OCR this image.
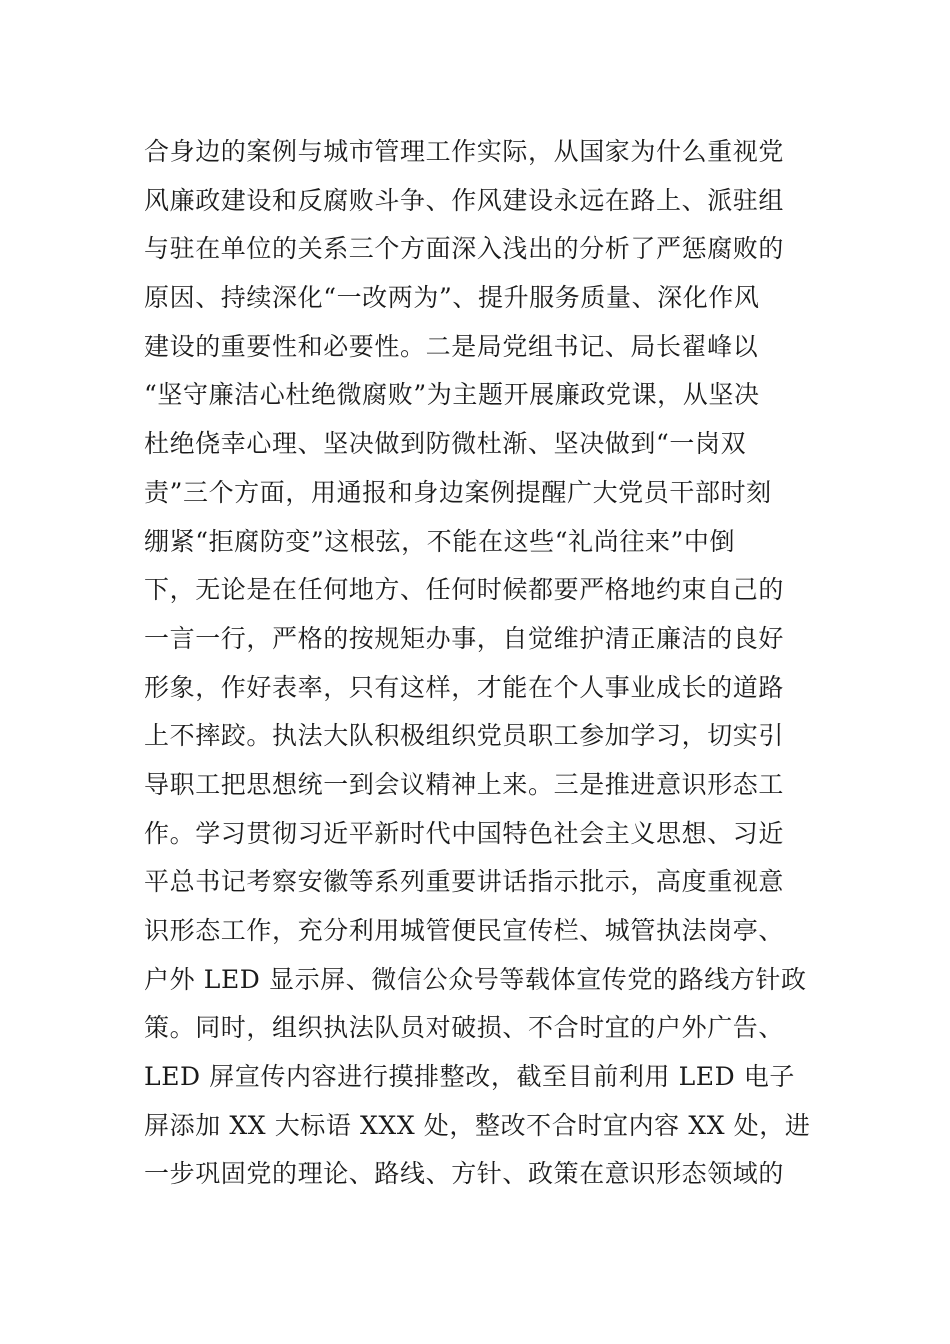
合身边的案例与城市管理工作实际，从国家为什么重视党
风廉政建设和反腐败斗争、作风建设永远在路上、派驻组
与驻在单位的关系三个方面深入浅出的分析了严惩腐败的
原因、持续深化“一改两为”、提升服务质量、深化作风
建设的重要性和必要性。二是局党组书记、局长翟峰以
“坚守廉洁心杜绝微腐败”为主题开展廉政党课，从坚决
杜绝侥幸心理、坚决做到防微杜渐、坚决做到“一岗双
责”三个方面，用通报和身边案例提醒广大党员干部时刻
绷紧“拒腐防变”这根弦，不能在这些“礼尚往来”中倒
下，无论是在任何地方、任何时候都要严格地约束自己的
一言一行，严格的按规矩办事，自觉维护清正廉洁的良好
形象，作好表率，只有这样，才能在个人事业成长的道路
上不摔跤。执法大队积极组织党员职工参加学习，切实引
导职工把思想统一到会议精神上来。三是推进意识形态工
作。学习贯彻习近平新时代中国特色社会主义思想、习近
平总书记考察安徽等系列重要讲话指示批示，高度重视意
识形态工作，充分利用城管便民宣传栏、城管执法岗亭、
户外 LED 显示屏、微信公众号等载体宣传党的路线方针政
策。同时，组织执法队员对破损、不合时宜的户外广告、
LED 屏宣传内容进行摸排整改，截至目前利用 LED 电子
屏添加 XX 大标语 XXX 处，整改不合时宜内容 XX 处，进
一步巩固党的理论、路线、方针、政策在意识形态领域的
